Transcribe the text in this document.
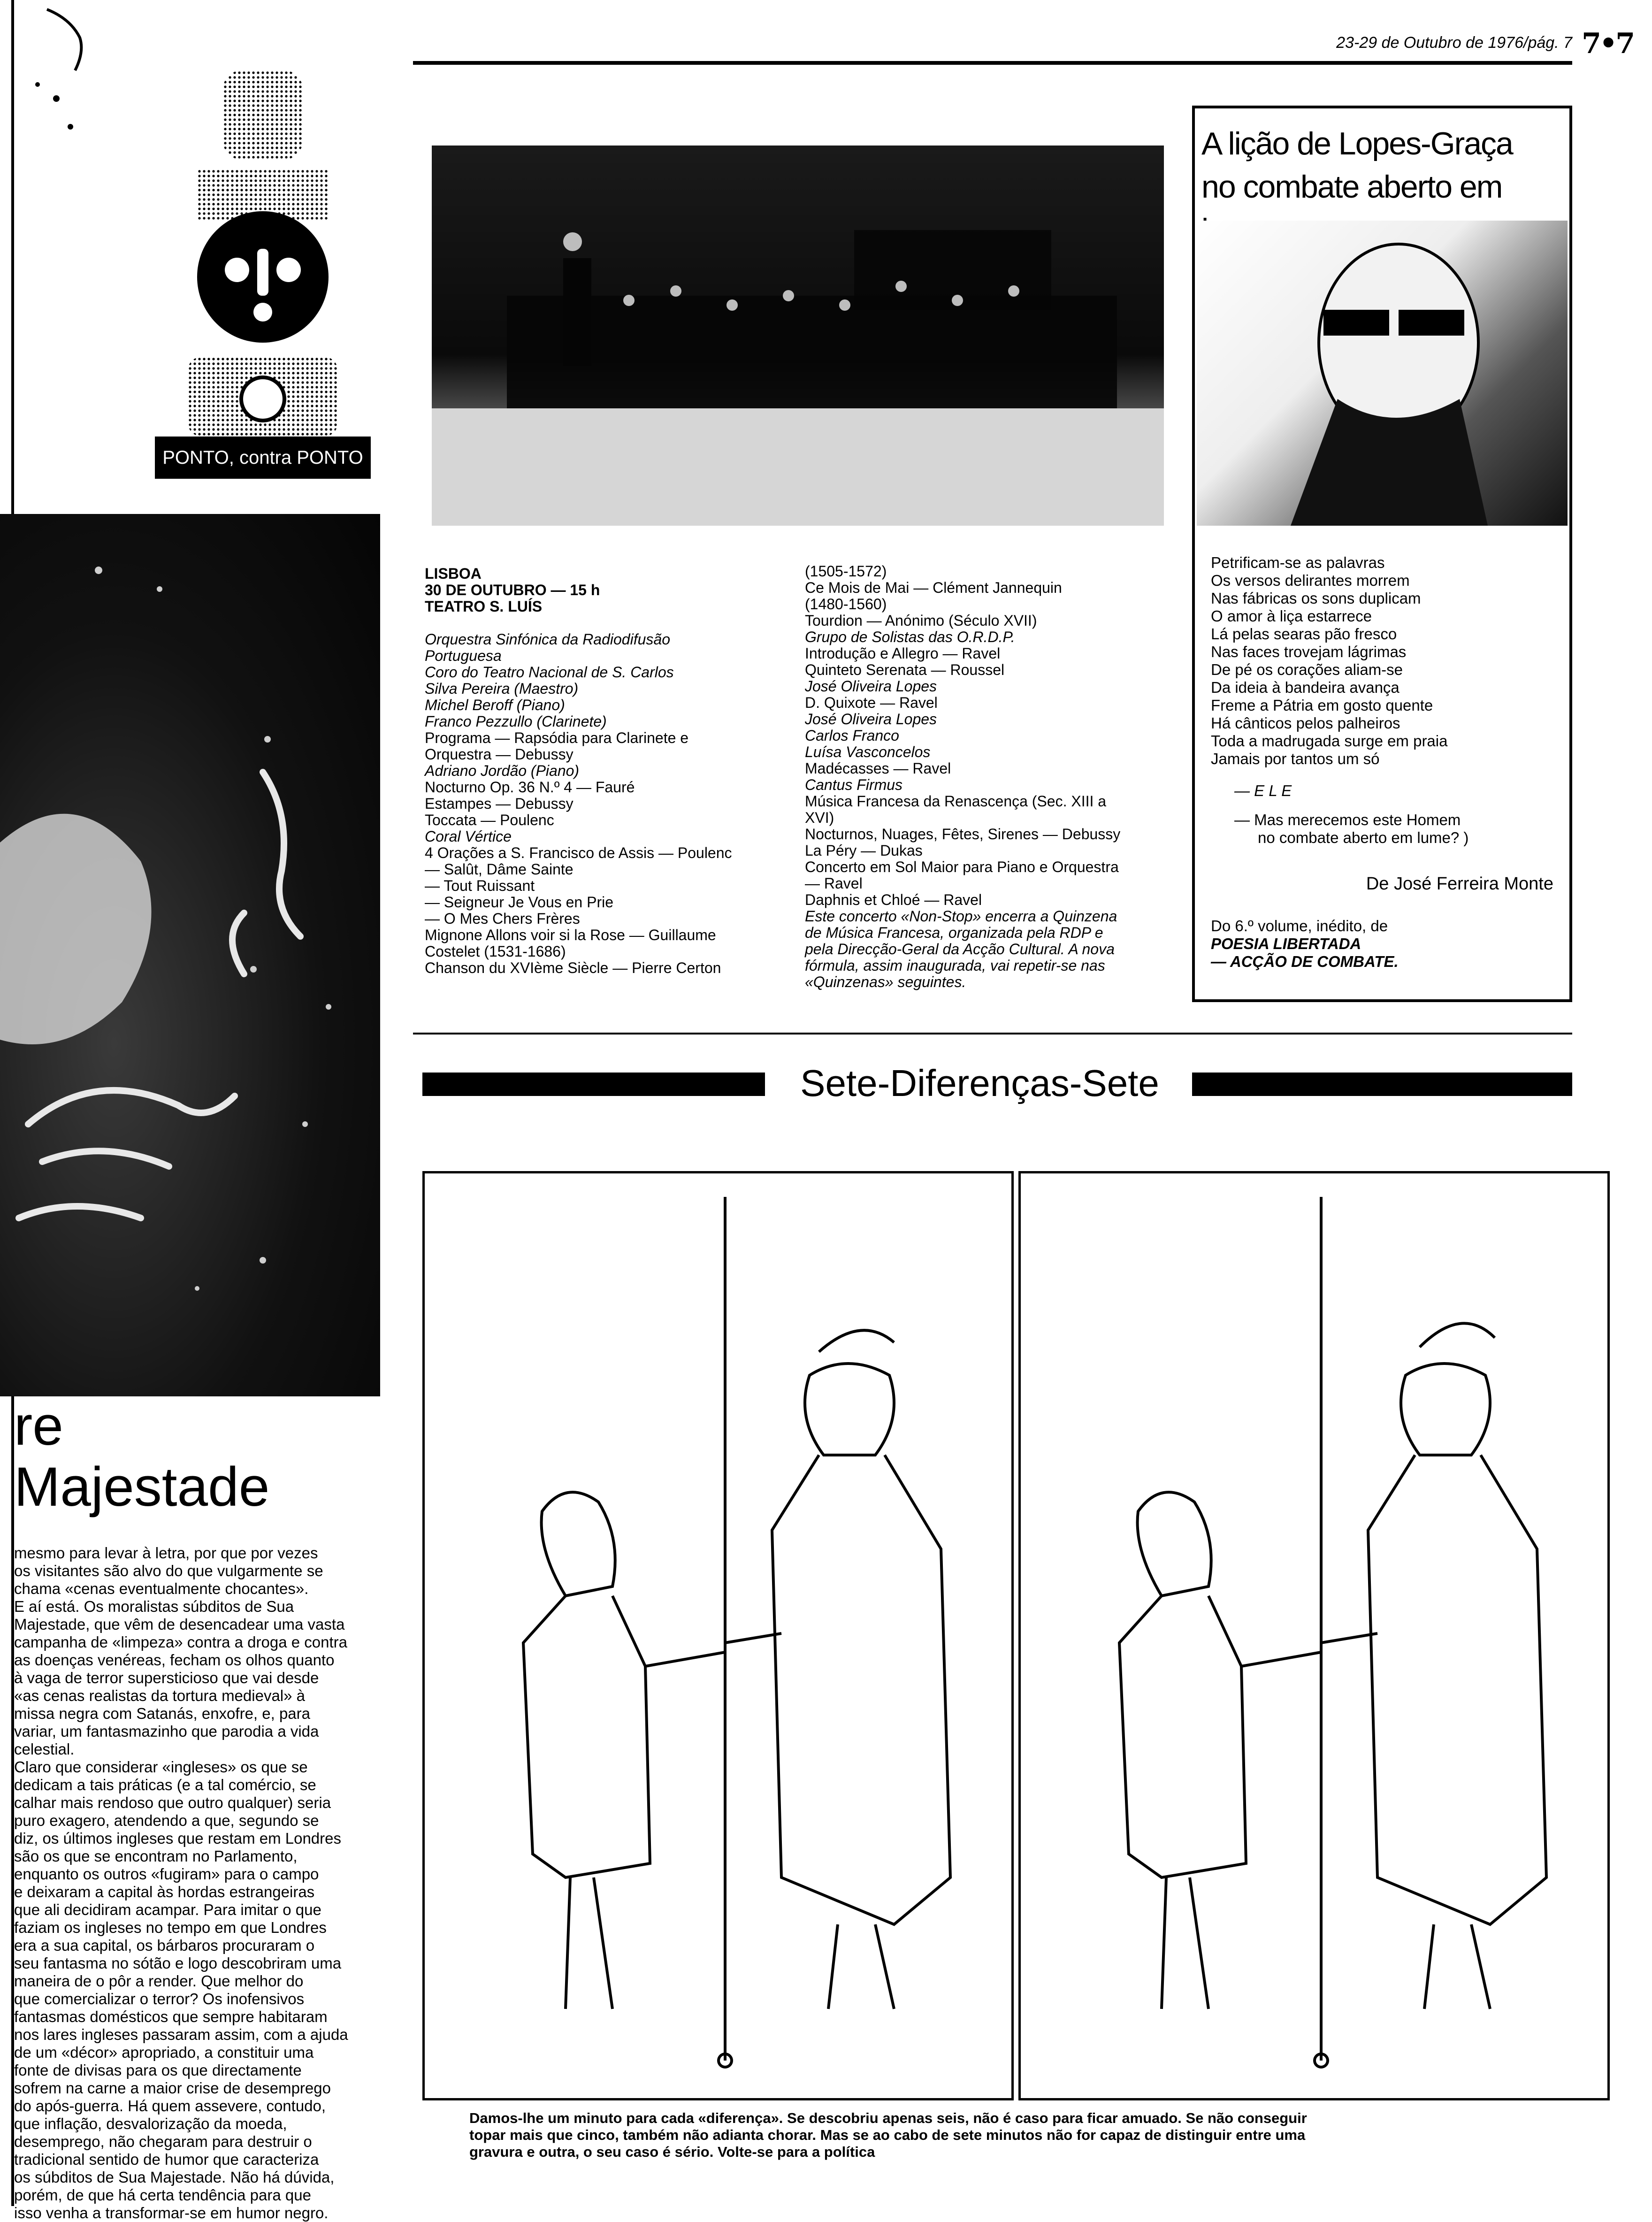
23-29 de Outubro de 1976/pág. 7 7•7
PONTO, contra PONTO
A lição de Lopes-Graça
no combate aberto em
Petrificam-se as palavras
Os versos delirantes morrem
Nas fábricas os sons duplicam
O amor à liça estarrece
Lá pelas searas pão fresco
Nas faces trovejam lágrimas
De pé os corações aliam-se
Da ideia à bandeira avança
Freme a Pátria em gosto quente
Há cânticos pelos palheiros
Toda a madrugada surge em praia
Jamais por tantos um só
— E L E
— Mas merecemos este Homem
no combate aberto em lume? )
De José Ferreira Monte
Do 6.º volume, inédito, de
POESIA LIBERTADA
— ACÇÃO DE COMBATE.
LISBOA
30 DE OUTUBRO — 15 h
TEATRO S. LUÍS
Orquestra Sinfónica da Radiodifusão
Portuguesa
Coro do Teatro Nacional de S. Carlos
Silva Pereira (Maestro)
Michel Beroff (Piano)
Franco Pezzullo (Clarinete)
Programa — Rapsódia para Clarinete e
Orquestra — Debussy
Adriano Jordão (Piano)
Nocturno Op. 36 N.º 4 — Fauré
Estampes — Debussy
Toccata — Poulenc
Coral Vértice
4 Orações a S. Francisco de Assis — Poulenc
— Salût, Dâme Sainte
— Tout Ruissant
— Seigneur Je Vous en Prie
— O Mes Chers Frères
Mignone Allons voir si la Rose — Guillaume
Costelet (1531-1686)
Chanson du XVIème Siècle — Pierre Certon
(1505-1572)
Ce Mois de Mai — Clément Jannequin
(1480-1560)
Tourdion — Anónimo (Século XVII)
Grupo de Solistas das O.R.D.P.
Introdução e Allegro — Ravel
Quinteto Serenata — Roussel
José Oliveira Lopes
D. Quixote — Ravel
José Oliveira Lopes
Carlos Franco
Luísa Vasconcelos
Madécasses — Ravel
Cantus Firmus
Música Francesa da Renascença (Sec. XIII a
XVI)
Nocturnos, Nuages, Fêtes, Sirenes — Debussy
La Péry — Dukas
Concerto em Sol Maior para Piano e Orquestra
— Ravel
Daphnis et Chloé — Ravel
Este concerto «Non-Stop» encerra a Quinzena
de Música Francesa, organizada pela RDP e
pela Direcção-Geral da Acção Cultural. A nova
fórmula, assim inaugurada, vai repetir-se nas
«Quinzenas» seguintes.
Sete-Diferenças-Sete
Damos-lhe um minuto para cada «diferença». Se descobriu apenas seis, não é caso para ficar amuado. Se não conseguir
topar mais que cinco, também não adianta chorar. Mas se ao cabo de sete minutos não for capaz de distinguir entre uma
gravura e outra, o seu caso é sério. Volte-se para a política
re
Majestade
mesmo para levar à letra, por que por vezes
os visitantes são alvo do que vulgarmente se
chama «cenas eventualmente chocantes».
E aí está. Os moralistas súbditos de Sua
Majestade, que vêm de desencadear uma vasta
campanha de «limpeza» contra a droga e contra
as doenças venéreas, fecham os olhos quanto
à vaga de terror supersticioso que vai desde
«as cenas realistas da tortura medieval» à
missa negra com Satanás, enxofre, e, para
variar, um fantasmazinho que parodia a vida
celestial.
Claro que considerar «ingleses» os que se
dedicam a tais práticas (e a tal comércio, se
calhar mais rendoso que outro qualquer) seria
puro exagero, atendendo a que, segundo se
diz, os últimos ingleses que restam em Londres
são os que se encontram no Parlamento,
enquanto os outros «fugiram» para o campo
e deixaram a capital às hordas estrangeiras
que ali decidiram acampar. Para imitar o que
faziam os ingleses no tempo em que Londres
era a sua capital, os bárbaros procuraram o
seu fantasma no sótão e logo descobriram uma
maneira de o pôr a render. Que melhor do
que comercializar o terror? Os inofensivos
fantasmas domésticos que sempre habitaram
nos lares ingleses passaram assim, com a ajuda
de um «décor» apropriado, a constituir uma
fonte de divisas para os que directamente
sofrem na carne a maior crise de desemprego
do após-guerra. Há quem assevere, contudo,
que inflação, desvalorização da moeda,
desemprego, não chegaram para destruir o
tradicional sentido de humor que caracteriza
os súbditos de Sua Majestade. Não há dúvida,
porém, de que há certa tendência para que
isso venha a transformar-se em humor negro.
